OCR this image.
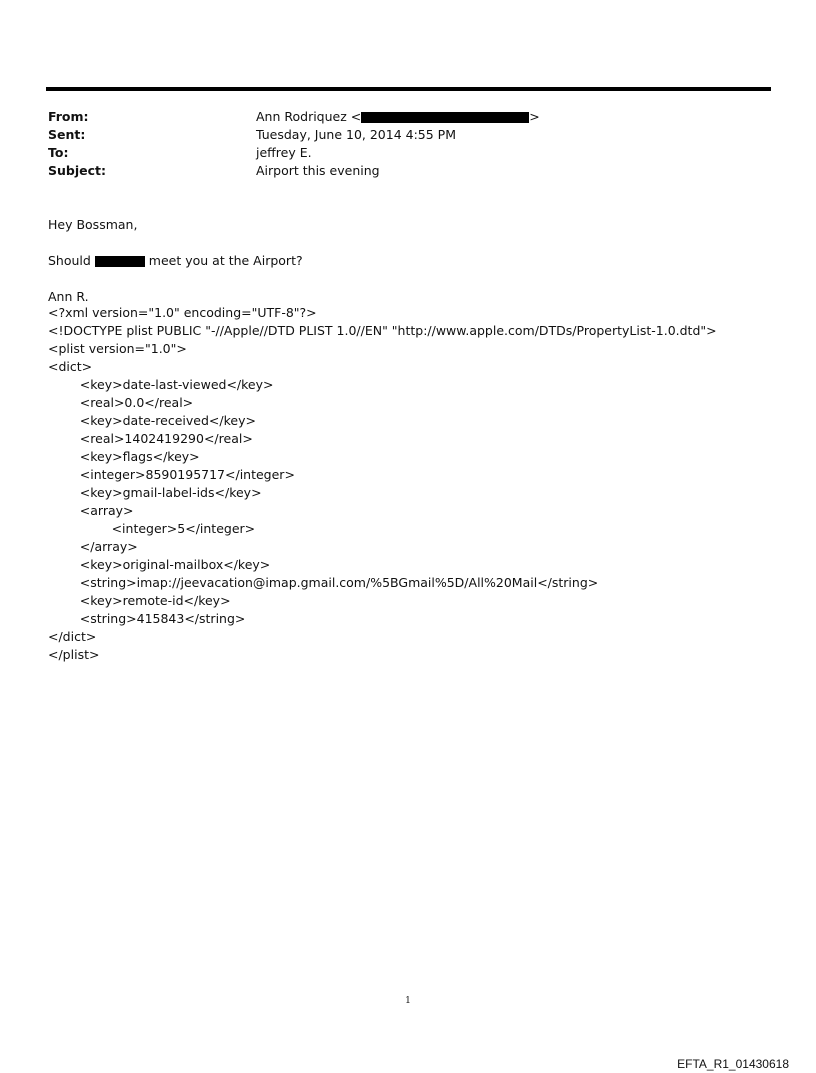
From:	Ann Rodriquez <	>
Sent:	Tuesday, June 10, 2014 4:55 PM
To:	jeffrey E.
Subject:	Airport this evening
Hey Bossman,
Should	meet you at the Airport?
Ann R.
<?xml version="1.0" encoding="UTF-8"?>
<!DOCTYPE plist PUBLIC "-//Apple//DTD PLIST 1.0//EN" "http://www.apple.com/DTDs/PropertyList-1.0.dtd">
<plist version="1.0">
<dict>
<key>date-last-viewed</key>
<real>0.0</real>
<key>date-received</key>
<real>1402419290</real>
<key>flags</key>
<integer>8590195717</integer>
<key>gmail-label-ids</key>
<array>
<integer>5</integer>
</array>
<key>original-mailbox</key>
<string>imap://jeevacation@imap.gmail.com/%5BGmail%5D/All%20Mail</string>
<key>remote-id</key>
<string>415843</string>
</dict>
</plist>
1
EFTA_R1_01430618
